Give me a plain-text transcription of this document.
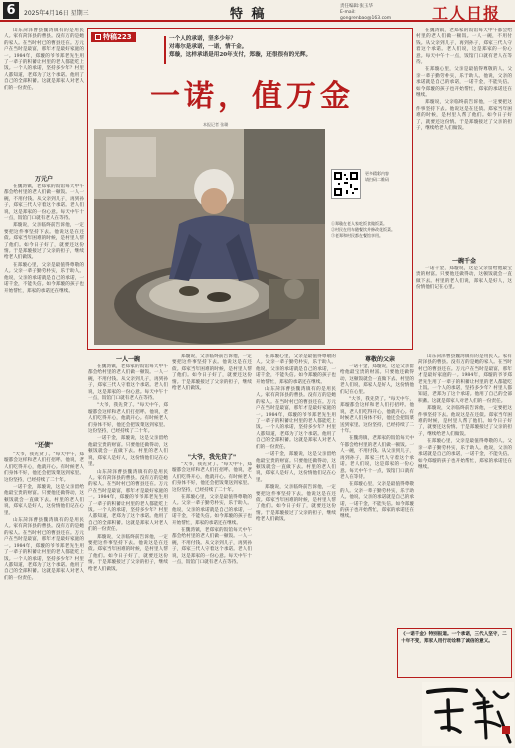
6	2025年4月16日 星期三	特 稿
责任编辑:张玉华
E-mail: gongrenbao@163.com	工人日报

山东菏泽曹县魏湾镇有的是用民人。家有菏泽县的曹县。没有万的是她的家人。在当时村已的曹县还在。万元户在当时是最富，那年才是最好家庭的一。1984年，郑璇的爷爷郑老先生用了一辈子的积蓄让村里的老人都能吃上饭。一个人的承诺，坚持多少年？村里人都知道，老郑为了这个承诺。他用了自己的全部积蓄。这就是郑家人对老人们的一份责任。

万元户

在魏湾镇，老郑家的饭馆每天中午都会给村里的老人们做一顿饭。一人一碗，不用付钱。从父亲到儿子，再到孙子，郑家三代人守着这个承诺。老人们说，这是郑家的一份心意。每天中午十一点，饭馆门口就有老人在等待。

郑璇说，父亲临终前告诉他，一定要把这件事坚持下去。他说这是在还债。郑家当年困难的时候，是村里人帮了他们。如今日子好了，就要还这份情。于是郑璇接过了父亲的担子，继续给老人们做饭。

在郑璇心里，父亲是最值得尊敬的人。父亲一辈子勤劳朴实，乐于助人。他说，父亲的承诺就是自己的承诺，一诺千金，不能失信。如今郑璇的孩子也开始帮忙，郑家的承诺还在继续。

"还债"

"大爷，我先贷了。"每天中午，郑璇都会这样和老人们打招呼。他说，老人们吃得开心，他就开心。有时候老人们身体不好，他还会把饭菜送到家里。这份坚持，已经持续了二十年。

一诺千金，郑璇说，这是父亲留给他最宝贵的财富。只要他还做得动，这顿饭就会一直做下去。村里的老人们说，郑家人是好人，这份情他们记在心里。

山东菏泽曹县魏湾镇有的是用民人。家有菏泽县的曹县。没有万的是她的家人。在当时村已的曹县还在。万元户在当时是最富，那年才是最好家庭的一。1984年，郑璇的爷爷郑老先生用了一辈子的积蓄让村里的老人都能吃上饭。一个人的承诺，坚持多少年？村里人都知道，老郑为了这个承诺。他用了自己的全部积蓄。这就是郑家人对老人们的一份责任。

在魏湾镇，老郑家的饭馆每天中午都会给村里的老人们做一顿饭。一人一碗，不用付钱。从父亲到儿子，再到孙子，郑家三代人守着这个承诺。老人们说，这是郑家的一份心意。每天中午十一点，饭馆门口就有老人在等待。

在郑璇心里，父亲是最值得尊敬的人。父亲一辈子勤劳朴实，乐于助人。他说，父亲的承诺就是自己的承诺，一诺千金，不能失信。如今郑璇的孩子也开始帮忙，郑家的承诺还在继续。

郑璇说，父亲临终前告诉他，一定要把这件事坚持下去。他说这是在还债。郑家当年困难的时候，是村里人帮了他们。如今日子好了，就要还这份情。于是郑璇接过了父亲的担子，继续给老人们做饭。

一碗千金

一诺千金，郑璇说，这是父亲留给他最宝贵的财富。只要他还做得动，这顿饭就会一直做下去。村里的老人们说，郑家人是好人，这份情他们记在心里。

特稿223	一个人的承诺，坚多少年？
对毒尔是承诺，一诺，情千金。
郑璇，这样承诺是用20年支付，郑璇，还很很有的光辉。
一诺，值万金
本报记者 张璐
更多精彩内容
请扫码二维码
①郑璇在老人家吃饭食做饭菜。
②村民在用车随餐饮并修改花饭菜。
③老郑和村民都在餐馆享用。
一人一碗

在魏湾镇，老郑家的饭馆每天中午都会给村里的老人们做一顿饭。一人一碗，不用付钱。从父亲到儿子，再到孙子，郑家三代人守着这个承诺。老人们说，这是郑家的一份心意。每天中午十一点，饭馆门口就有老人在等待。

"大爷，我先贷了。"每天中午，郑璇都会这样和老人们打招呼。他说，老人们吃得开心，他就开心。有时候老人们身体不好，他还会把饭菜送到家里。这份坚持，已经持续了二十年。

一诺千金，郑璇说，这是父亲留给他最宝贵的财富。只要他还做得动，这顿饭就会一直做下去。村里的老人们说，郑家人是好人，这份情他们记在心里。

山东菏泽曹县魏湾镇有的是用民人。家有菏泽县的曹县。没有万的是她的家人。在当时村已的曹县还在。万元户在当时是最富，那年才是最好家庭的一。1984年，郑璇的爷爷郑老先生用了一辈子的积蓄让村里的老人都能吃上饭。一个人的承诺，坚持多少年？村里人都知道，老郑为了这个承诺。他用了自己的全部积蓄。这就是郑家人对老人们的一份责任。

郑璇说，父亲临终前告诉他，一定要把这件事坚持下去。他说这是在还债。郑家当年困难的时候，是村里人帮了他们。如今日子好了，就要还这份情。于是郑璇接过了父亲的担子，继续给老人们做饭。

郑璇说，父亲临终前告诉他，一定要把这件事坚持下去。他说这是在还债。郑家当年困难的时候，是村里人帮了他们。如今日子好了，就要还这份情。于是郑璇接过了父亲的担子，继续给老人们做饭。

"大爷，我先贷了"

"大爷，我先贷了。"每天中午，郑璇都会这样和老人们打招呼。他说，老人们吃得开心，他就开心。有时候老人们身体不好，他还会把饭菜送到家里。这份坚持，已经持续了二十年。

在郑璇心里，父亲是最值得尊敬的人。父亲一辈子勤劳朴实，乐于助人。他说，父亲的承诺就是自己的承诺，一诺千金，不能失信。如今郑璇的孩子也开始帮忙，郑家的承诺还在继续。

在魏湾镇，老郑家的饭馆每天中午都会给村里的老人们做一顿饭。一人一碗，不用付钱。从父亲到儿子，再到孙子，郑家三代人守着这个承诺。老人们说，这是郑家的一份心意。每天中午十一点，饭馆门口就有老人在等待。

在郑璇心里，父亲是最值得尊敬的人。父亲一辈子勤劳朴实，乐于助人。他说，父亲的承诺就是自己的承诺，一诺千金，不能失信。如今郑璇的孩子也开始帮忙，郑家的承诺还在继续。

山东菏泽曹县魏湾镇有的是用民人。家有菏泽县的曹县。没有万的是她的家人。在当时村已的曹县还在。万元户在当时是最富，那年才是最好家庭的一。1984年，郑璇的爷爷郑老先生用了一辈子的积蓄让村里的老人都能吃上饭。一个人的承诺，坚持多少年？村里人都知道，老郑为了这个承诺。他用了自己的全部积蓄。这就是郑家人对老人们的一份责任。

一诺千金，郑璇说，这是父亲留给他最宝贵的财富。只要他还做得动，这顿饭就会一直做下去。村里的老人们说，郑家人是好人，这份情他们记在心里。

郑璇说，父亲临终前告诉他，一定要把这件事坚持下去。他说这是在还债。郑家当年困难的时候，是村里人帮了他们。如今日子好了，就要还这份情。于是郑璇接过了父亲的担子，继续给老人们做饭。

尊敬的父亲

一诺千金，郑璇说，这是父亲留给他最宝贵的财富。只要他还做得动，这顿饭就会一直做下去。村里的老人们说，郑家人是好人，这份情他们记在心里。

"大爷，我先贷了。"每天中午，郑璇都会这样和老人们打招呼。他说，老人们吃得开心，他就开心。有时候老人们身体不好，他还会把饭菜送到家里。这份坚持，已经持续了二十年。

在魏湾镇，老郑家的饭馆每天中午都会给村里的老人们做一顿饭。一人一碗，不用付钱。从父亲到儿子，再到孙子，郑家三代人守着这个承诺。老人们说，这是郑家的一份心意。每天中午十一点，饭馆门口就有老人在等待。

在郑璇心里，父亲是最值得尊敬的人。父亲一辈子勤劳朴实，乐于助人。他说，父亲的承诺就是自己的承诺，一诺千金，不能失信。如今郑璇的孩子也开始帮忙，郑家的承诺还在继续。

山东菏泽曹县魏湾镇有的是用民人。家有菏泽县的曹县。没有万的是她的家人。在当时村已的曹县还在。万元户在当时是最富，那年才是最好家庭的一。1984年，郑璇的爷爷郑老先生用了一辈子的积蓄让村里的老人都能吃上饭。一个人的承诺，坚持多少年？村里人都知道，老郑为了这个承诺。他用了自己的全部积蓄。这就是郑家人对老人们的一份责任。

郑璇说，父亲临终前告诉他，一定要把这件事坚持下去。他说这是在还债。郑家当年困难的时候，是村里人帮了他们。如今日子好了，就要还这份情。于是郑璇接过了父亲的担子，继续给老人们做饭。

在郑璇心里，父亲是最值得尊敬的人。父亲一辈子勤劳朴实，乐于助人。他说，父亲的承诺就是自己的承诺，一诺千金，不能失信。如今郑璇的孩子也开始帮忙，郑家的承诺还在继续。

《一诺千金》特别报道。一个承诺，三代人坚守，二十年不变，郑家人用行动诠释了诚信的意义。
